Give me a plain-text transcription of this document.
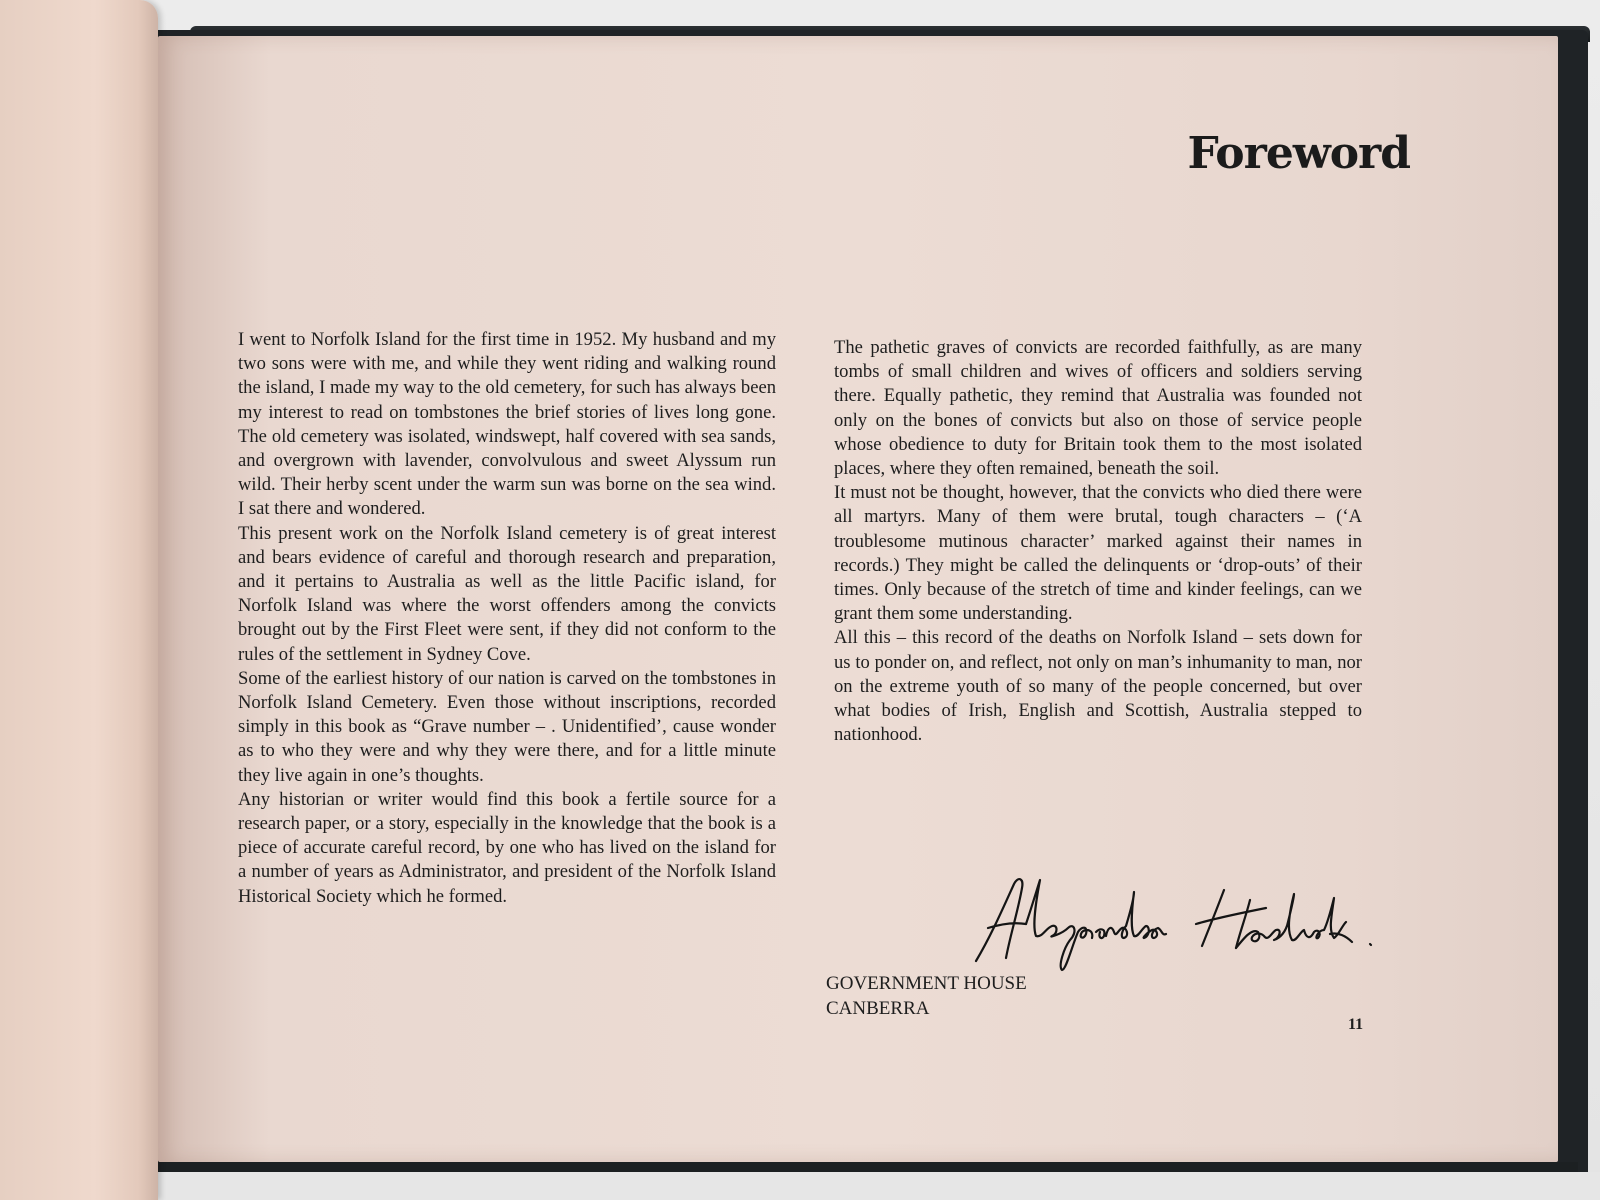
Foreword

I went to Norfolk Island for the first time in 1952. My husband and my two sons were with me, and while they went riding and walking round the island, I made my way to the old cemetery, for such has always been my interest to read on tombstones the brief stories of lives long gone. The old cemetery was isolated, windswept, half covered with sea sands, and overgrown with lavender, convolvulous and sweet Alyssum run wild. Their herby scent under the warm sun was borne on the sea wind. I sat there and wondered.

This present work on the Norfolk Island cemetery is of great interest and bears evidence of careful and thorough research and preparation, and it pertains to Australia as well as the little Pacific island, for Norfolk Island was where the worst offenders among the convicts brought out by the First Fleet were sent, if they did not conform to the rules of the settlement in Sydney Cove.

Some of the earliest history of our nation is carved on the tombstones in Norfolk Island Cemetery. Even those without inscriptions, recorded simply in this book as “Grave number – . Unidentified’, cause wonder as to who they were and why they were there, and for a little minute they live again in one’s thoughts.

Any historian or writer would find this book a fertile source for a research paper, or a story, especially in the knowledge that the book is a piece of accurate careful record, by one who has lived on the island for a number of years as Administrator, and president of the Norfolk Island Historical Society which he formed.

The pathetic graves of convicts are recorded faithfully, as are many tombs of small children and wives of officers and soldiers serving there. Equally pathetic, they remind that Australia was founded not only on the bones of convicts but also on those of service people whose obedience to duty for Britain took them to the most isolated places, where they often remained, beneath the soil.

It must not be thought, however, that the convicts who died there were all martyrs. Many of them were brutal, tough characters – (‘A troublesome mutinous character’ marked against their names in records.) They might be called the delinquents or ‘drop-outs’ of their times. Only because of the stretch of time and kinder feelings, can we grant them some understanding.

All this – this record of the deaths on Norfolk Island – sets down for us to ponder on, and reflect, not only on man’s inhumanity to man, nor on the extreme youth of so many of the people concerned, but over what bodies of Irish, English and Scottish, Australia stepped to nationhood.

GOVERNMENT HOUSE
CANBERRA
11
